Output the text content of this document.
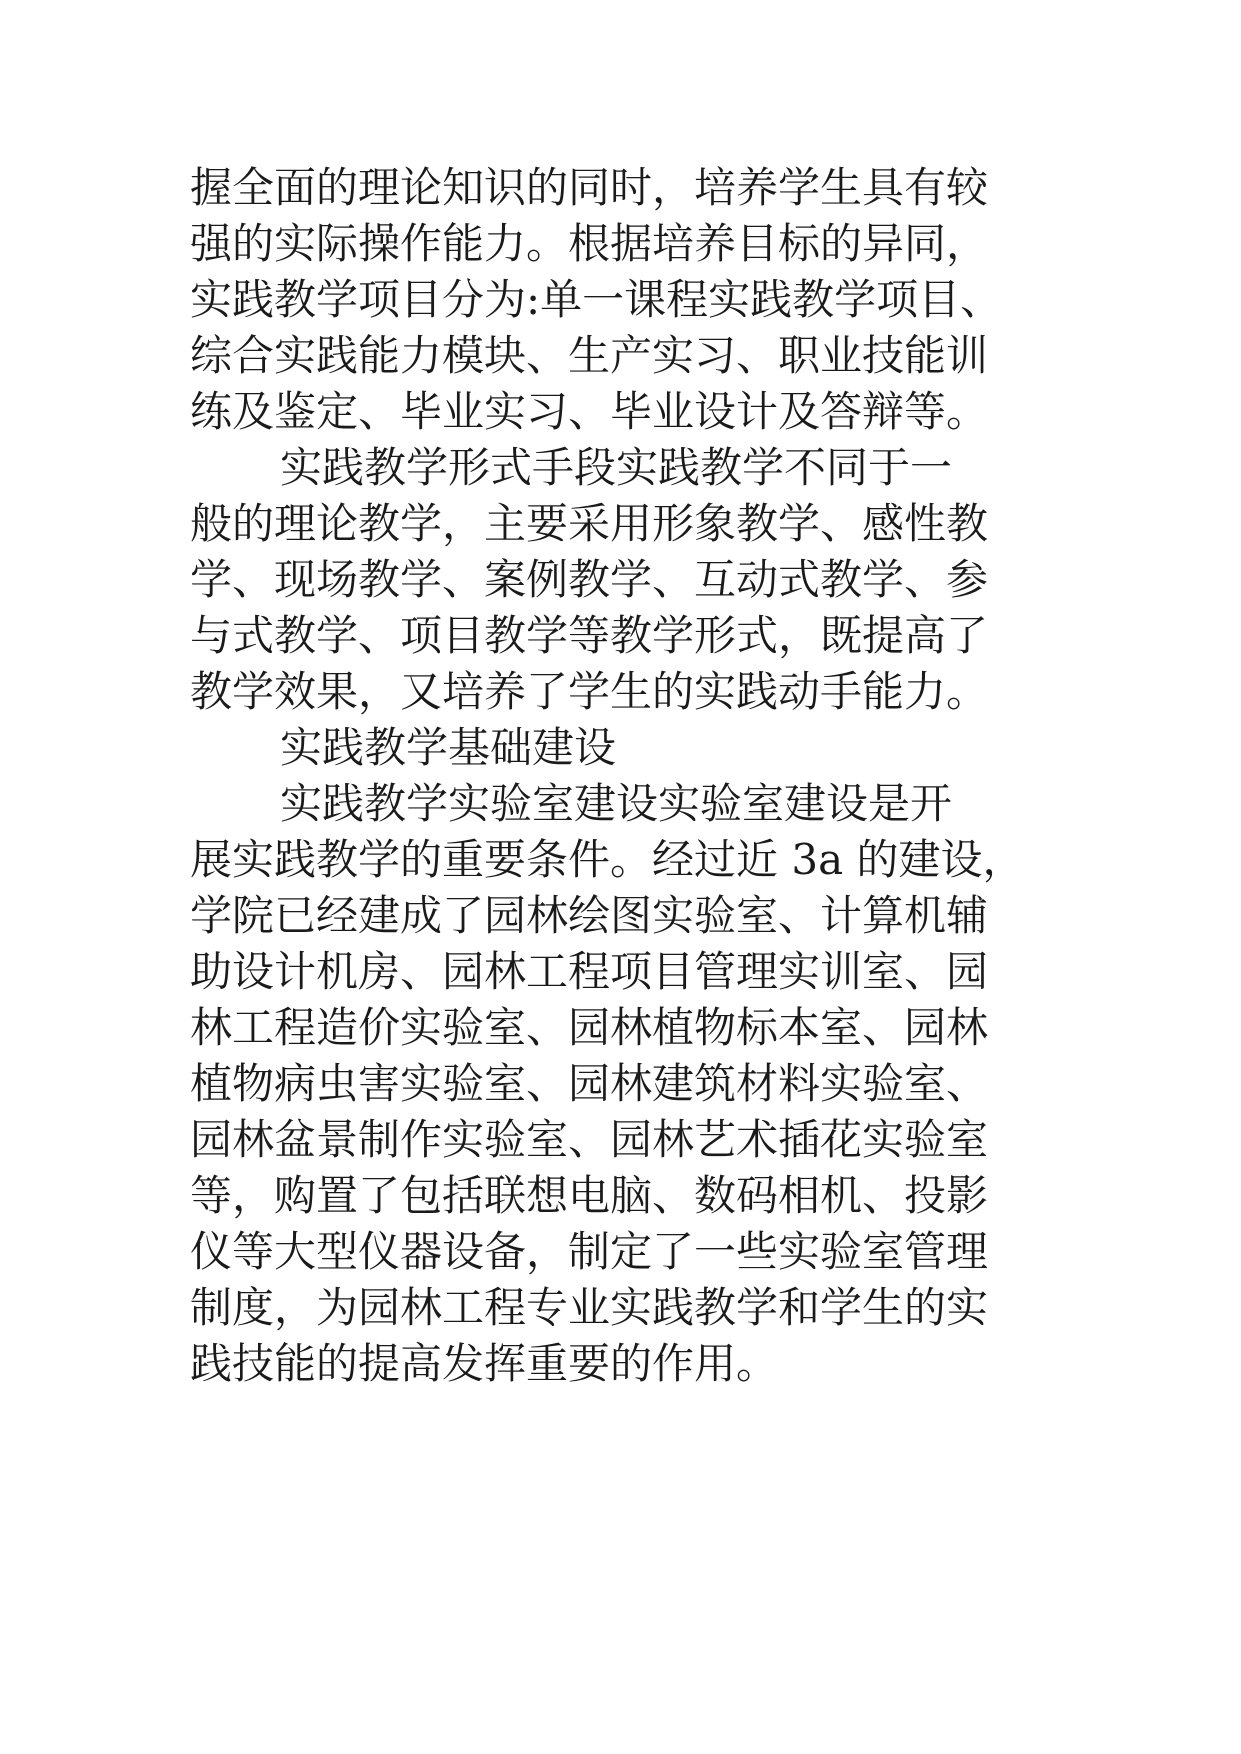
握全面的理论知识的同时，培养学生具有较
强的实际操作能力。根据培养目标的异同，
实践教学项目分为:单一课程实践教学项目、
综合实践能力模块、生产实习、职业技能训
练及鉴定、毕业实习、毕业设计及答辩等。
实践教学形式手段实践教学不同于一
般的理论教学，主要采用形象教学、感性教
学、现场教学、案例教学、互动式教学、参
与式教学、项目教学等教学形式，既提高了
教学效果，又培养了学生的实践动手能力。
实践教学基础建设
实践教学实验室建设实验室建设是开
展实践教学的重要条件。经过近 3a 的建设，
学院已经建成了园林绘图实验室、计算机辅
助设计机房、园林工程项目管理实训室、园
林工程造价实验室、园林植物标本室、园林
植物病虫害实验室、园林建筑材料实验室、
园林盆景制作实验室、园林艺术插花实验室
等，购置了包括联想电脑、数码相机、投影
仪等大型仪器设备，制定了一些实验室管理
制度，为园林工程专业实践教学和学生的实
践技能的提高发挥重要的作用。
